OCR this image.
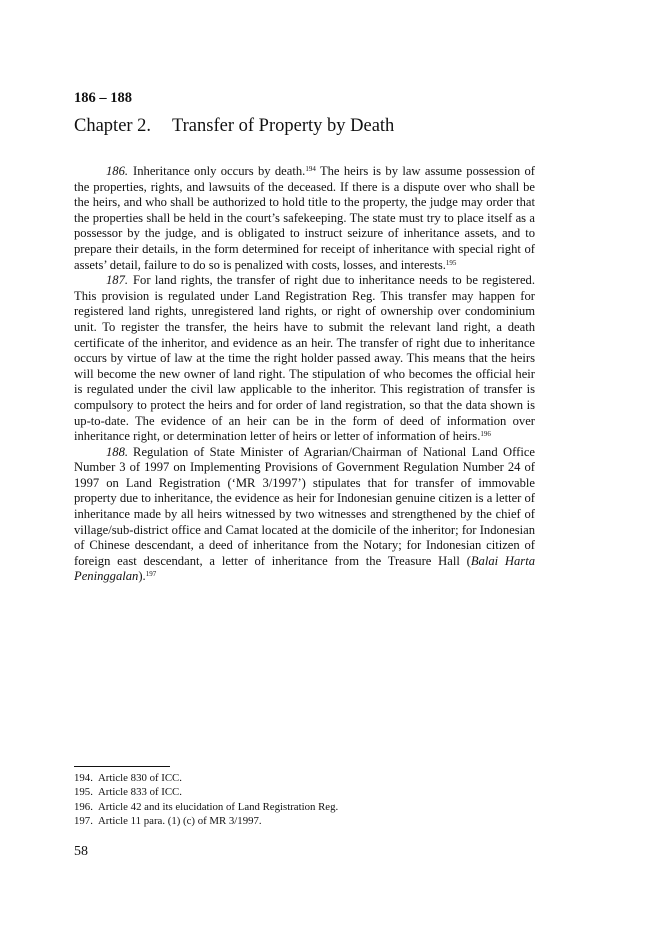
186 – 188
Chapter 2. Transfer of Property by Death

186. Inheritance only occurs by death.$^{194}$ The heirs is by law assume possession of the properties, rights, and lawsuits of the deceased. If there is a dispute over who shall be the heirs, and who shall be authorized to hold title to the property, the judge may order that the properties shall be held in the court’s safekeeping. The state must try to place itself as a possessor by the judge, and is obligated to instruct seizure of inheritance assets, and to prepare their details, in the form determined for receipt of inheritance with special right of assets’ detail, failure to do so is penalized with costs, losses, and interests.$^{195}$

187. For land rights, the transfer of right due to inheritance needs to be registered. This provision is regulated under Land Registration Reg. This transfer may happen for registered land rights, unregistered land rights, or right of ownership over condominium unit. To register the transfer, the heirs have to submit the relevant land right, a death certificate of the inheritor, and evidence as an heir. The transfer of right due to inheritance occurs by virtue of law at the time the right holder passed away. This means that the heirs will become the new owner of land right. The stipulation of who becomes the official heir is regulated under the civil law applicable to the inheritor. This registration of transfer is compulsory to protect the heirs and for order of land registration, so that the data shown is up-to-date. The evidence of an heir can be in the form of deed of information over inheritance right, or determination letter of heirs or letter of information of heirs.$^{196}$

188. Regulation of State Minister of Agrarian/Chairman of National Land Office Number 3 of 1997 on Implementing Provisions of Government Regulation Number 24 of 1997 on Land Registration (‘MR 3/1997’) stipulates that for transfer of immovable property due to inheritance, the evidence as heir for Indonesian genuine citizen is a letter of inheritance made by all heirs witnessed by two witnesses and strengthened by the chief of village/sub-district office and Camat located at the domicile of the inheritor; for Indonesian of Chinese descendant, a deed of inheritance from the Notary; for Indonesian citizen of foreign east descendant, a letter of inheritance from the Treasure Hall (Balai Harta Peninggalan).$^{197}$

194. Article 830 of ICC.
195. Article 833 of ICC.
196. Article 42 and its elucidation of Land Registration Reg.
197. Article 11 para. (1) (c) of MR 3/1997.
58
